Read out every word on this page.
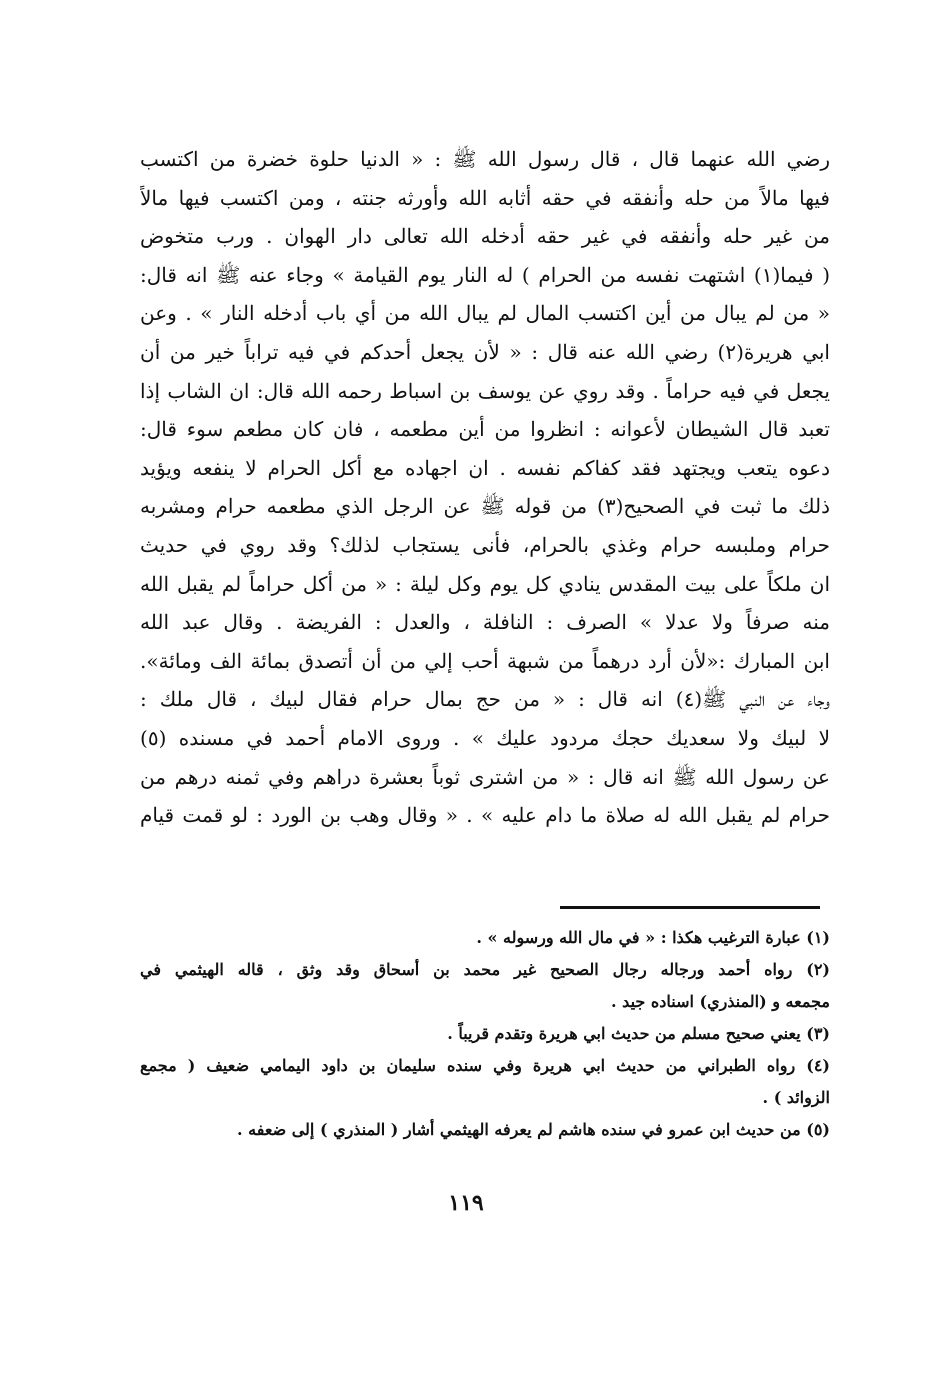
رضي الله عنهما قال ، قال رسول الله ﷺ : « الدنيا حلوة خضرة من اكتسب
فيها مالاً من حله وأنفقه في حقه أثابه الله وأورثه جنته ، ومن اكتسب فيها مالاً
من غير حله وأنفقه في غير حقه أدخله الله تعالى دار الهوان . ورب متخوض
( فيما(١) اشتهت نفسه من الحرام ) له النار يوم القيامة » وجاء عنه ﷺ انه قال:
« من لم يبال من أين اكتسب المال لم يبال الله من أي باب أدخله النار » . وعن
ابي هريرة(٢) رضي الله عنه قال : « لأن يجعل أحدكم في فيه تراباً خير من أن
يجعل في فيه حراماً . وقد روي عن يوسف بن اسباط رحمه الله قال: ان الشاب إذا
تعبد قال الشيطان لأعوانه : انظروا من أين مطعمه ، فان كان مطعم سوء قال:
دعوه يتعب ويجتهد فقد كفاكم نفسه . ان اجهاده مع أكل الحرام لا ينفعه ويؤيد
ذلك ما ثبت في الصحيح(٣) من قوله ﷺ عن الرجل الذي مطعمه حرام ومشربه
حرام وملبسه حرام وغذي بالحرام، فأنى يستجاب لذلك؟ وقد روي في حديث
ان ملكاً على بيت المقدس ينادي كل يوم وكل ليلة : « من أكل حراماً لم يقبل الله
منه صرفاً ولا عدلا » الصرف : النافلة ، والعدل : الفريضة . وقال عبد الله
ابن المبارك :«لأن أرد درهماً من شبهة أحب إلي من أن أتصدق بمائة الف ومائة».
وجاء عن النبي ﷺ(٤) انه قال : « من حج بمال حرام فقال لبيك ، قال ملك :
لا لبيك ولا سعديك حجك مردود عليك » . وروى الامام أحمد في مسنده (٥)
عن رسول الله ﷺ انه قال : « من اشترى ثوباً بعشرة دراهم وفي ثمنه درهم من
حرام لم يقبل الله له صلاة ما دام عليه » . « وقال وهب بن الورد : لو قمت قيام
(١) عبارة الترغيب هكذا : « في مال الله ورسوله » .
(٢) رواه أحمد ورجاله رجال الصحيح غير محمد بن أسحاق وقد وثق ، قاله الهيثمي في
مجمعه و (المنذري) اسناده جيد .
(٣) يعني صحيح مسلم من حديث ابي هريرة وتقدم قريباً .
(٤) رواه الطبراني من حديث ابي هريرة وفي سنده سليمان بن داود اليمامي ضعيف ( مجمع
الزوائد ) .
(٥) من حديث ابن عمرو في سنده هاشم لم يعرفه الهيثمي أشار ( المنذري ) إلى ضعفه .
١١٩
